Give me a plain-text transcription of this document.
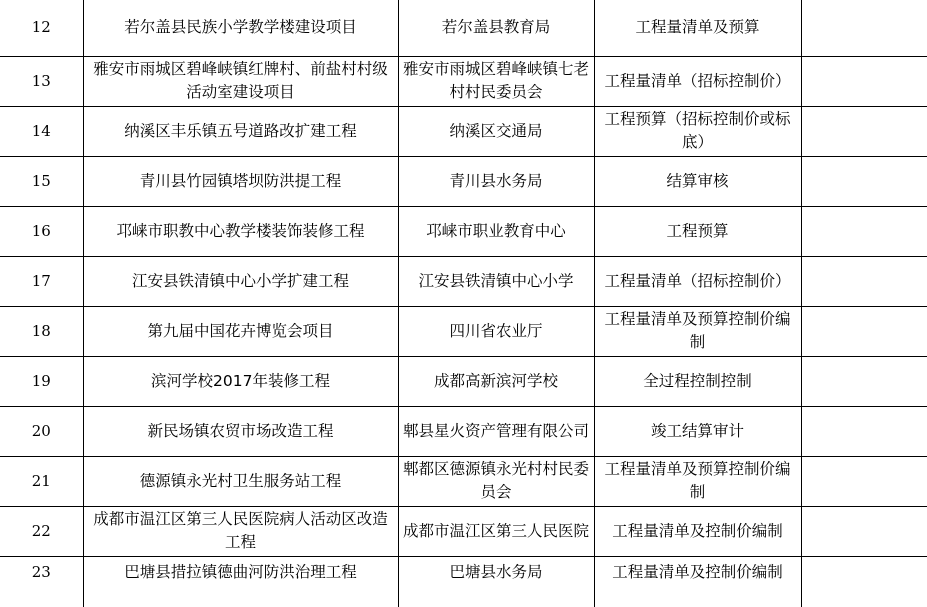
12	若尔盖县民族小学教学楼建设项目	若尔盖县教育局	工程量清单及预算	
13	雅安市雨城区碧峰峡镇红牌村、前盐村村级活动室建设项目	雅安市雨城区碧峰峡镇七老村村民委员会	工程量清单（招标控制价）	
14	纳溪区丰乐镇五号道路改扩建工程	纳溪区交通局	工程预算（招标控制价或标底）	
15	青川县竹园镇塔坝防洪提工程	青川县水务局	结算审核	
16	邛崃市职教中心教学楼装饰装修工程	邛崃市职业教育中心	工程预算	
17	江安县铁清镇中心小学扩建工程	江安县铁清镇中心小学	工程量清单（招标控制价）	
18	第九届中国花卉博览会项目	四川省农业厅	工程量清单及预算控制价编制	
19	滨河学校2017年装修工程	成都高新滨河学校	全过程控制控制	
20	新民场镇农贸市场改造工程	郫县星火资产管理有限公司	竣工结算审计	
21	德源镇永光村卫生服务站工程	郫都区德源镇永光村村民委员会	工程量清单及预算控制价编制	
22	成都市温江区第三人民医院病人活动区改造工程	成都市温江区第三人民医院	工程量清单及控制价编制	
23	巴塘县措拉镇德曲河防洪治理工程	巴塘县水务局	工程量清单及控制价编制	
